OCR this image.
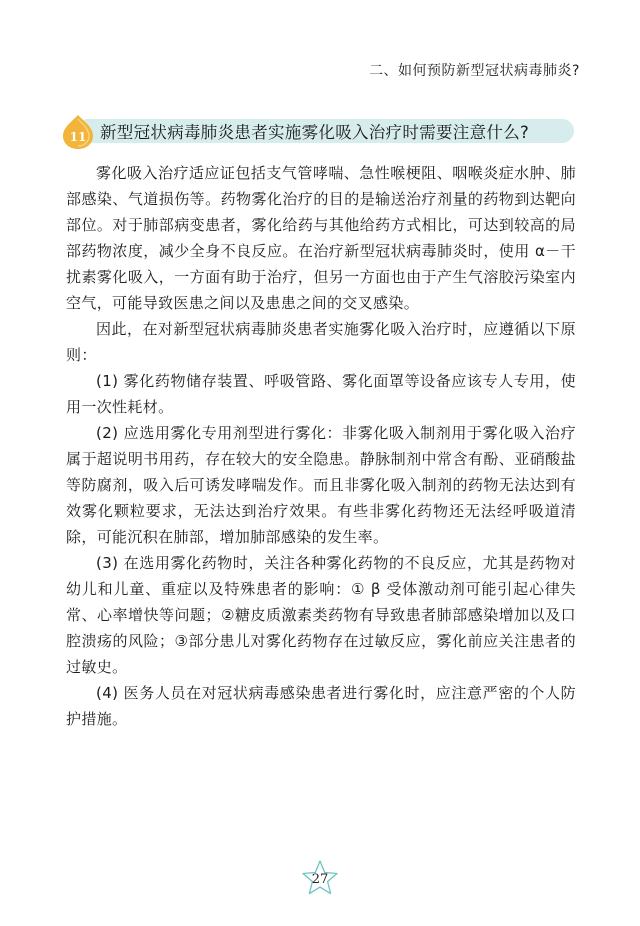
二、如何预防新型冠状病毒肺炎?
11 新型冠状病毒肺炎患者实施雾化吸入治疗时需要注意什么?

雾化吸入治疗适应证包括支气管哮喘、急性喉梗阻、咽喉炎症水肿、肺部感染、气道损伤等。药物雾化治疗的目的是输送治疗剂量的药物到达靶向部位。对于肺部病变患者，雾化给药与其他给药方式相比，可达到较高的局部药物浓度，减少全身不良反应。在治疗新型冠状病毒肺炎时，使用 α－干扰素雾化吸入，一方面有助于治疗，但另一方面也由于产生气溶胶污染室内空气，可能导致医患之间以及患患之间的交叉感染。

因此，在对新型冠状病毒肺炎患者实施雾化吸入治疗时，应遵循以下原则：

(1) 雾化药物储存装置、呼吸管路、雾化面罩等设备应该专人专用，使用一次性耗材。

(2) 应选用雾化专用剂型进行雾化：非雾化吸入制剂用于雾化吸入治疗属于超说明书用药，存在较大的安全隐患。静脉制剂中常含有酚、亚硝酸盐等防腐剂，吸入后可诱发哮喘发作。而且非雾化吸入制剂的药物无法达到有效雾化颗粒要求，无法达到治疗效果。有些非雾化药物还无法经呼吸道清除，可能沉积在肺部，增加肺部感染的发生率。

(3) 在选用雾化药物时，关注各种雾化药物的不良反应，尤其是药物对幼儿和儿童、重症以及特殊患者的影响：① β 受体激动剂可能引起心律失常、心率增快等问题；②糖皮质激素类药物有导致患者肺部感染增加以及口腔溃疡的风险；③部分患儿对雾化药物存在过敏反应，雾化前应关注患者的过敏史。

(4) 医务人员在对冠状病毒感染患者进行雾化时，应注意严密的个人防护措施。

27
